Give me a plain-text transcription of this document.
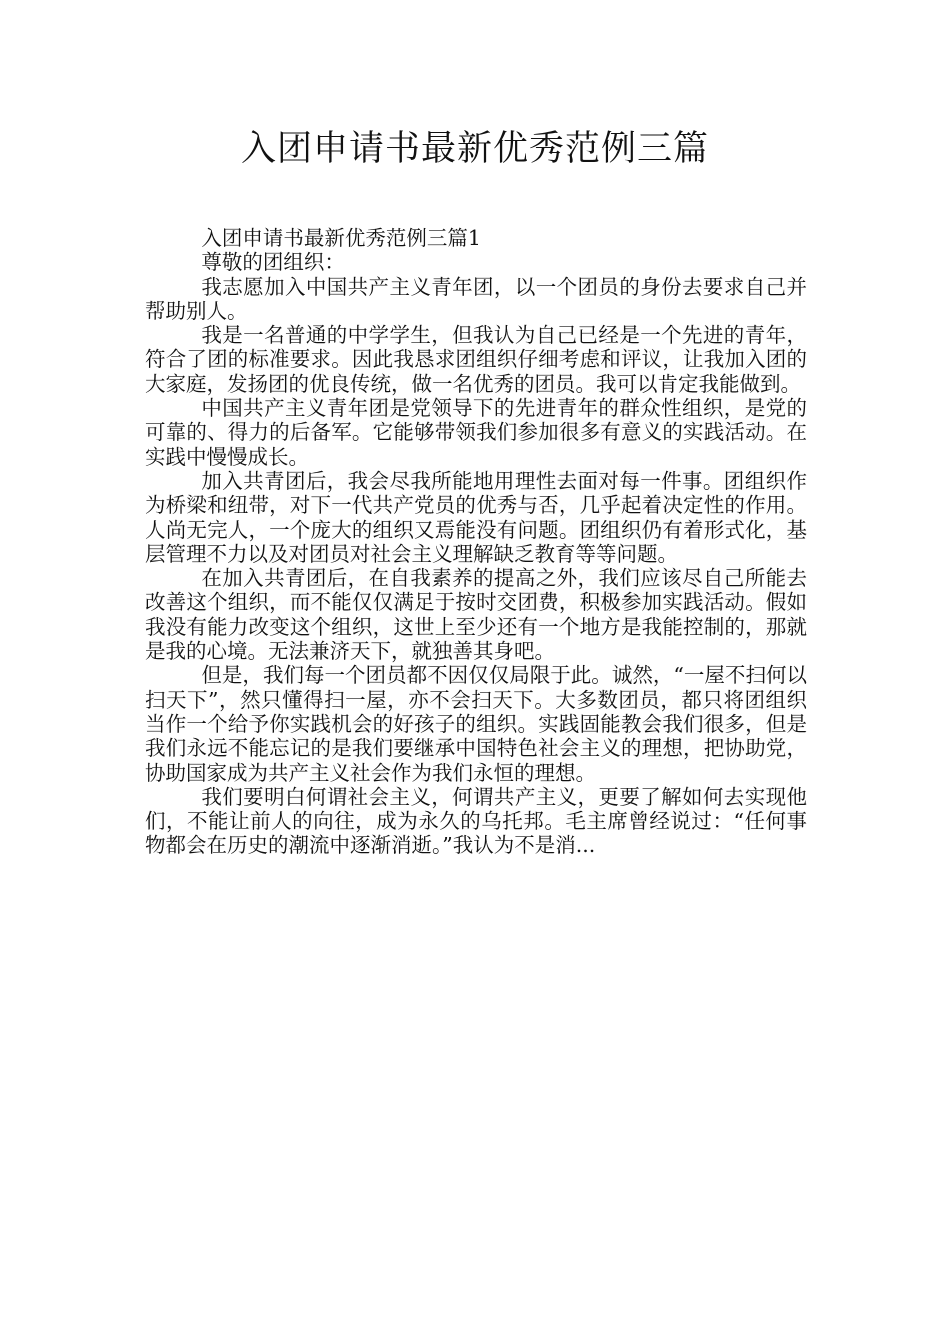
入团申请书最新优秀范例三篇

入团申请书最新优秀范例三篇1

尊敬的团组织：

我志愿加入中国共产主义青年团，以一个团员的身份去要求自己并帮助别人。

我是一名普通的中学学生，但我认为自己已经是一个先进的青年，符合了团的标准要求。因此我恳求团组织仔细考虑和评议，让我加入团的大家庭，发扬团的优良传统，做一名优秀的团员。我可以肯定我能做到。

中国共产主义青年团是党领导下的先进青年的群众性组织，是党的可靠的、得力的后备军。它能够带领我们参加很多有意义的实践活动。在实践中慢慢成长。

加入共青团后，我会尽我所能地用理性去面对每一件事。团组织作为桥梁和纽带，对下一代共产党员的优秀与否，几乎起着决定性的作用。人尚无完人，一个庞大的组织又焉能没有问题。团组织仍有着形式化，基层管理不力以及对团员对社会主义理解缺乏教育等等问题。

在加入共青团后，在自我素养的提高之外，我们应该尽自己所能去改善这个组织，而不能仅仅满足于按时交团费，积极参加实践活动。假如我没有能力改变这个组织，这世上至少还有一个地方是我能控制的，那就是我的心境。无法兼济天下，就独善其身吧。

但是，我们每一个团员都不因仅仅局限于此。诚然，“一屋不扫何以扫天下”，然只懂得扫一屋，亦不会扫天下。大多数团员，都只将团组织当作一个给予你实践机会的好孩子的组织。实践固能教会我们很多，但是我们永远不能忘记的是我们要继承中国特色社会主义的理想，把协助党，协助国家成为共产主义社会作为我们永恒的理想。

我们要明白何谓社会主义，何谓共产主义，更要了解如何去实现他们，不能让前人的向往，成为永久的乌托邦。毛主席曾经说过：“任何事物都会在历史的潮流中逐渐消逝。”我认为不是消...
